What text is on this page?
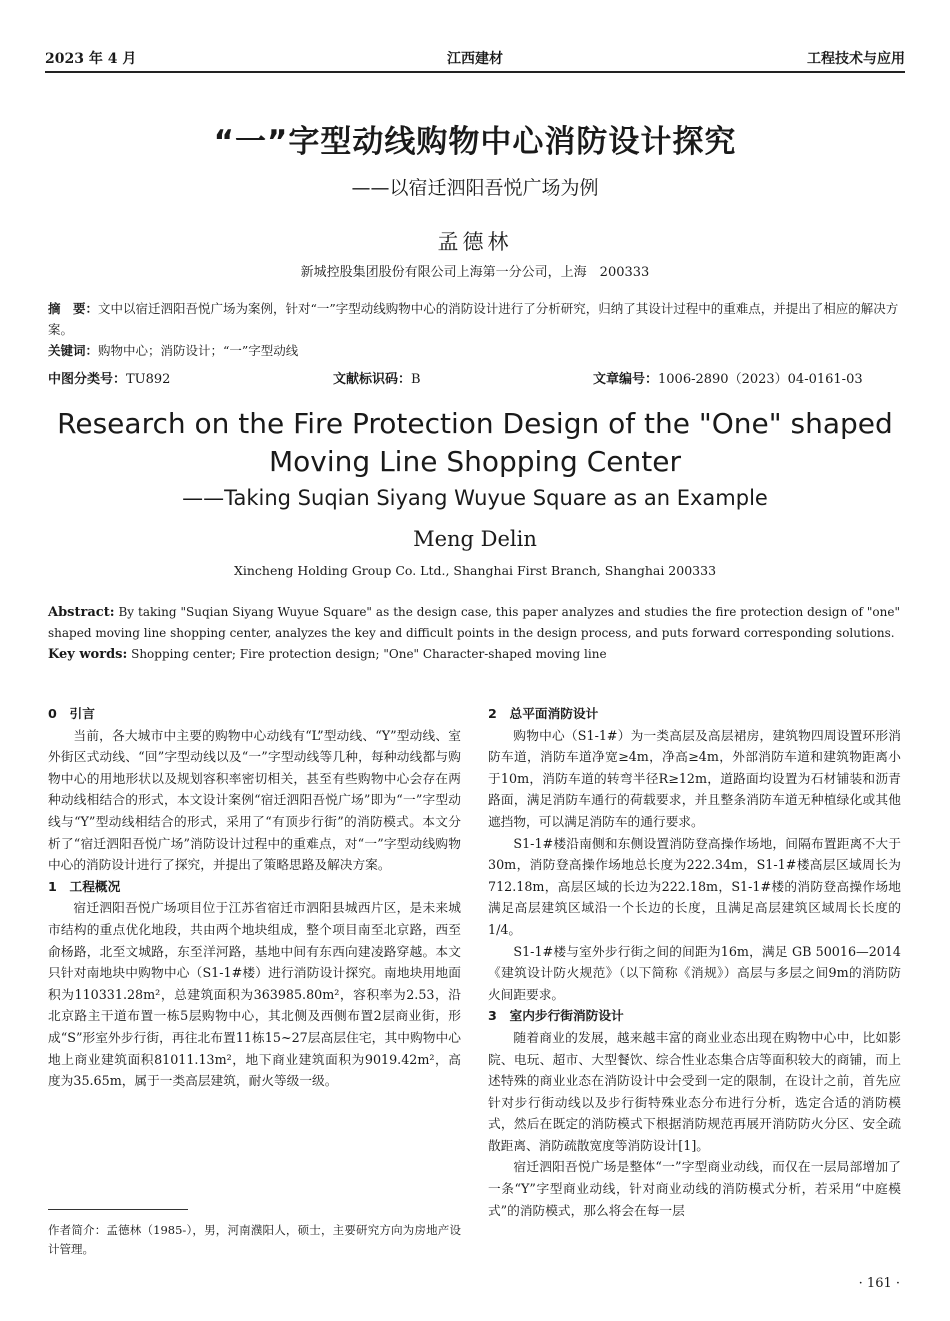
2023 年 4 月	江西建材	工程技术与应用
“一”字型动线购物中心消防设计探究
——以宿迁泗阳吾悦广场为例
孟德林
新城控股集团股份有限公司上海第一分公司，上海　200333
摘　要：文中以宿迁泗阳吾悦广场为案例，针对“一”字型动线购物中心的消防设计进行了分析研究，归纳了其设计过程中的重难点，并提出了相应的解决方案。
关键词：购物中心；消防设计；“一”字型动线
中图分类号：TU892	文献标识码：B	文章编号：1006-2890（2023）04-0161-03
Research on the Fire Protection Design of the "One" shaped Moving Line Shopping Center
——Taking Suqian Siyang Wuyue Square as an Example
Meng Delin
Xincheng Holding Group Co. Ltd., Shanghai First Branch, Shanghai 200333
Abstract: By taking "Suqian Siyang Wuyue Square" as the design case, this paper analyzes and studies the fire protection design of "one" shaped moving line shopping center, analyzes the key and difficult points in the design process, and puts forward corresponding solutions.
Key words: Shopping center; Fire protection design; "One" Character-shaped moving line
0　引言

当前，各大城市中主要的购物中心动线有“L”型动线、“Y”型动线、室外街区式动线、“回”字型动线以及“一”字型动线等几种，每种动线都与购物中心的用地形状以及规划容积率密切相关，甚至有些购物中心会存在两种动线相结合的形式，本文设计案例“宿迁泗阳吾悦广场”即为“一”字型动线与“Y”型动线相结合的形式，采用了“有顶步行街”的消防模式。本文分析了“宿迁泗阳吾悦广场”消防设计过程中的重难点，对“一”字型动线购物中心的消防设计进行了探究，并提出了策略思路及解决方案。

1　工程概况

宿迁泗阳吾悦广场项目位于江苏省宿迁市泗阳县城西片区，是未来城市结构的重点优化地段，共由两个地块组成，整个项目南至北京路，西至俞杨路，北至文城路，东至洋河路，基地中间有东西向建凌路穿越。本文只针对南地块中购物中心（S1-1#楼）进行消防设计探究。南地块用地面积为110331.28m²，总建筑面积为363985.80m²，容积率为2.53，沿北京路主干道布置一栋5层购物中心，其北侧及西侧布置2层商业街，形成“S”形室外步行街，再往北布置11栋15~27层高层住宅，其中购物中心地上商业建筑面积81011.13m²，地下商业建筑面积为9019.42m²，高度为35.65m，属于一类高层建筑，耐火等级一级。

2　总平面消防设计

购物中心（S1-1#）为一类高层及高层裙房，建筑物四周设置环形消防车道，消防车道净宽≥4m，净高≥4m，外部消防车道和建筑物距离小于10m，消防车道的转弯半径R≥12m，道路面均设置为石材铺装和沥青路面，满足消防车通行的荷载要求，并且整条消防车道无种植绿化或其他遮挡物，可以满足消防车的通行要求。

S1-1#楼沿南侧和东侧设置消防登高操作场地，间隔布置距离不大于30m，消防登高操作场地总长度为222.34m，S1-1#楼高层区域周长为712.18m，高层区域的长边为222.18m，S1-1#楼的消防登高操作场地满足高层建筑区域沿一个长边的长度，且满足高层建筑区域周长长度的1/4。

S1-1#楼与室外步行街之间的间距为16m，满足 GB 50016—2014《建筑设计防火规范》（以下简称《消规》）高层与多层之间9m的消防防火间距要求。

3　室内步行街消防设计

随着商业的发展，越来越丰富的商业业态出现在购物中心中，比如影院、电玩、超市、大型餐饮、综合性业态集合店等面积较大的商铺，而上述特殊的商业业态在消防设计中会受到一定的限制，在设计之前，首先应针对步行街动线以及步行街特殊业态分布进行分析，选定合适的消防模式，然后在既定的消防模式下根据消防规范再展开消防防火分区、安全疏散距离、消防疏散宽度等消防设计[1]。

宿迁泗阳吾悦广场是整体“一”字型商业动线，而仅在一层局部增加了一条“Y”字型商业动线，针对商业动线的消防模式分析，若采用“中庭模式”的消防模式，那么将会在每一层

作者简介：孟德林（1985-），男，河南濮阳人，硕士，主要研究方向为房地产设计管理。
· 161 ·
